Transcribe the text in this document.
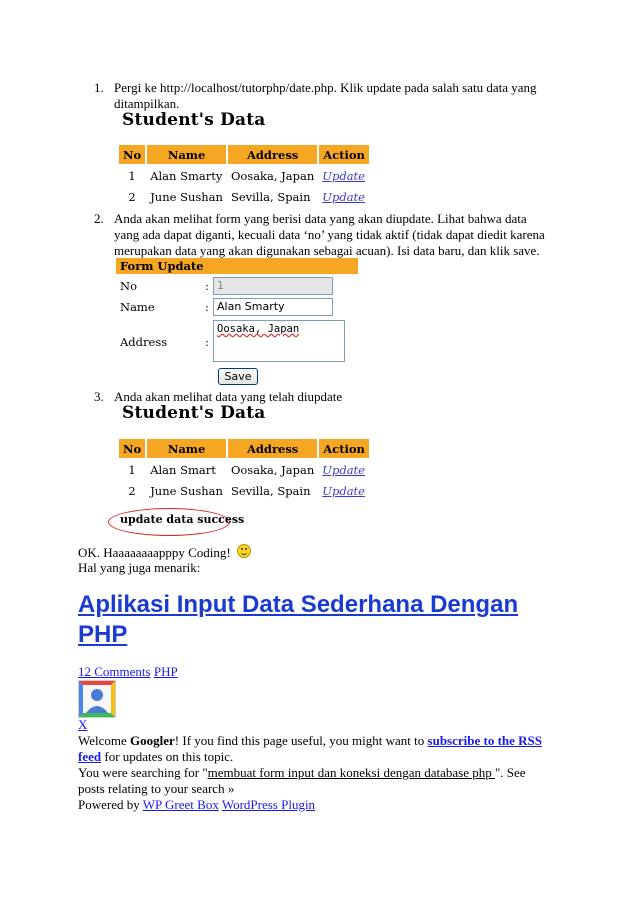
1. Pergi ke http://localhost/tutorphp/date.php. Klik update pada salah satu data yang ditampilkan.
Student's Data
No	Name	Address	Action
1	Alan Smarty	Oosaka, Japan	Update
2	June Sushan	Sevilla, Spain	Update
2. Anda akan melihat form yang berisi data yang akan diupdate. Lihat bahwa data yang ada dapat diganti, kecuali data ‘no’ yang tidak aktif (tidak dapat diedit karena merupakan data yang akan digunakan sebagai acuan). Isi data baru, dan klik save.
Form Update
No	: 1
Name	: Alan Smarty
Address	:
Oosaka, Japan
Save
3. Anda akan melihat data yang telah diupdate
Student's Data
No	Name	Address	Action
1	Alan Smart	Oosaka, Japan	Update
2	June Sushan	Sevilla, Spain	Update
update data success
OK. Haaaaaaaapppy Coding!
Hal yang juga menarik:
Aplikasi Input Data Sederhana Dengan PHP
12 Comments PHP
X
Welcome Googler! If you find this page useful, you might want to subscribe to the RSS feed for updates on this topic.
You were searching for "membuat form input dan koneksi dengan database php ". See posts relating to your search »
Powered by WP Greet Box WordPress Plugin
